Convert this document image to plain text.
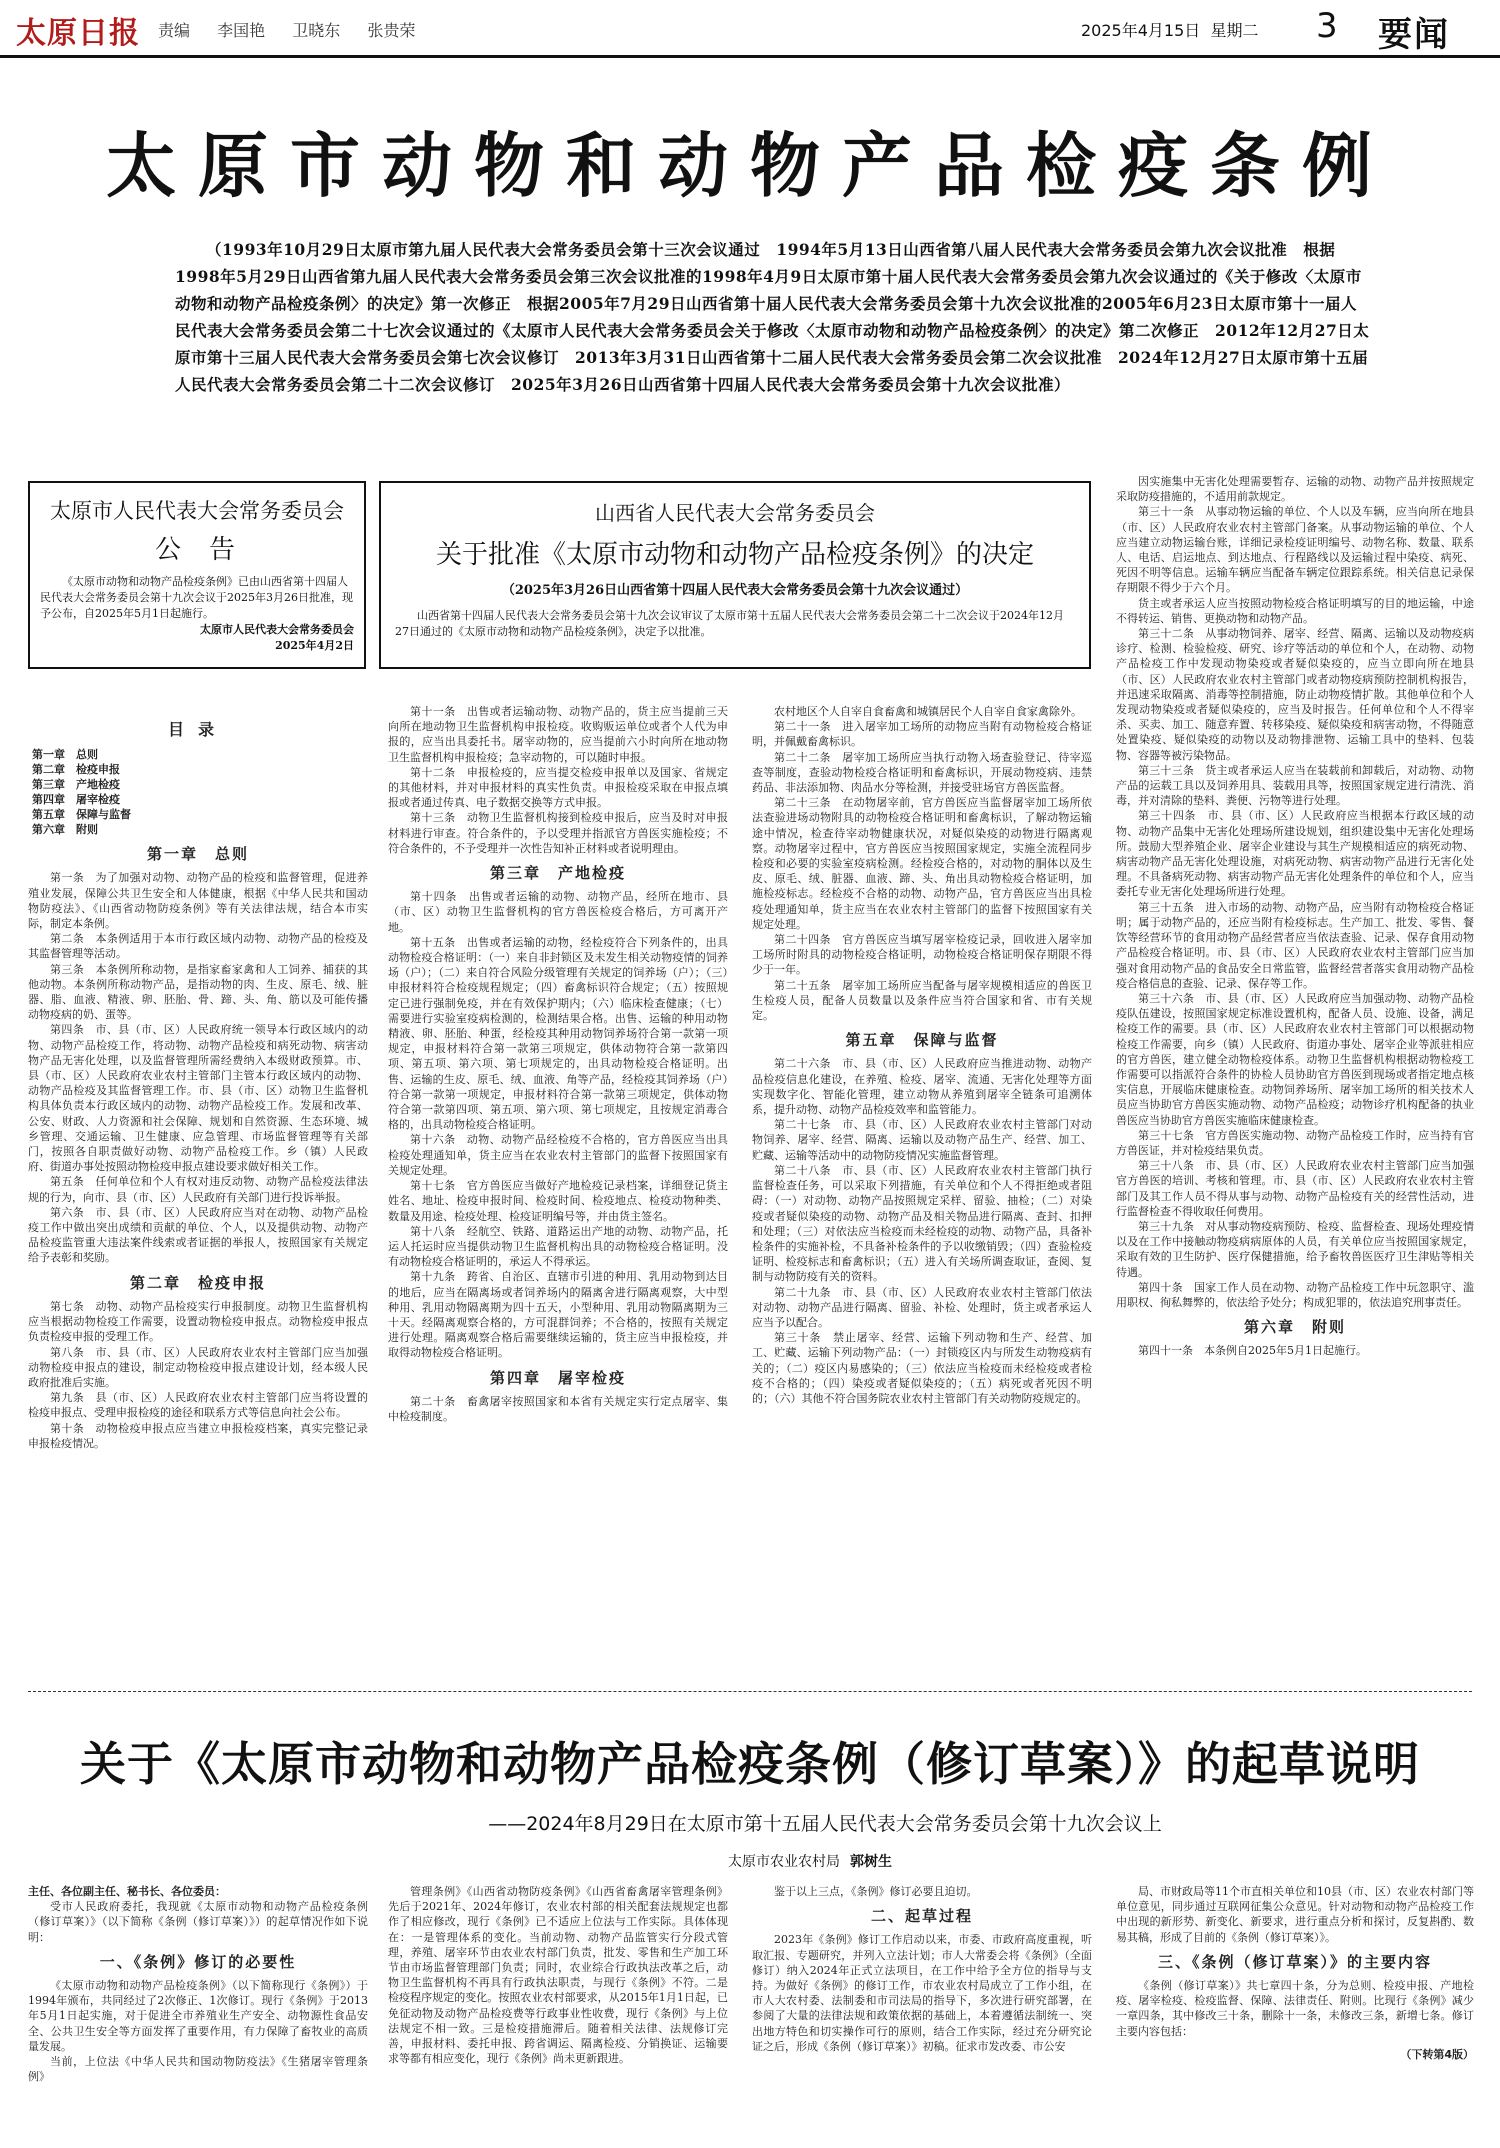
太原日报 责编 李国艳 卫晓东 张贵荣	2025年4月15日 星期二 3 要闻
太原市动物和动物产品检疫条例
（1993年10月29日太原市第九届人民代表大会常务委员会第十三次会议通过　1994年5月13日山西省第八届人民代表大会常务委员会第九次会议批准　根据1998年5月29日山西省第九届人民代表大会常务委员会第三次会议批准的1998年4月9日太原市第十届人民代表大会常务委员会第九次会议通过的《关于修改〈太原市动物和动物产品检疫条例〉的决定》第一次修正　根据2005年7月29日山西省第十届人民代表大会常务委员会第十九次会议批准的2005年6月23日太原市第十一届人民代表大会常务委员会第二十七次会议通过的《太原市人民代表大会常务委员会关于修改〈太原市动物和动物产品检疫条例〉的决定》第二次修正　2012年12月27日太原市第十三届人民代表大会常务委员会第七次会议修订　2013年3月31日山西省第十二届人民代表大会常务委员会第二次会议批准　2024年12月27日太原市第十五届人民代表大会常务委员会第二十二次会议修订　2025年3月26日山西省第十四届人民代表大会常务委员会第十九次会议批准）
太原市人民代表大会常务委员会
公告
《太原市动物和动物产品检疫条例》已由山西省第十四届人民代表大会常务委员会第十九次会议于2025年3月26日批准，现予公布，自2025年5月1日起施行。
太原市人民代表大会常务委员会
2025年4月2日
山西省人民代表大会常务委员会
关于批准《太原市动物和动物产品检疫条例》的决定
（2025年3月26日山西省第十四届人民代表大会常务委员会第十九次会议通过）
山西省第十四届人民代表大会常务委员会第十九次会议审议了太原市第十五届人民代表大会常务委员会第二十二次会议于2024年12月27日通过的《太原市动物和动物产品检疫条例》，决定予以批准。
目录
第一章　总则
第二章　检疫申报
第三章　产地检疫
第四章　屠宰检疫
第五章　保障与监督
第六章　附则
第一章　总则

第一条　为了加强对动物、动物产品的检疫和监督管理，促进养殖业发展，保障公共卫生安全和人体健康，根据《中华人民共和国动物防疫法》、《山西省动物防疫条例》等有关法律法规，结合本市实际，制定本条例。

第二条　本条例适用于本市行政区域内动物、动物产品的检疫及其监督管理等活动。

第三条　本条例所称动物，是指家畜家禽和人工饲养、捕获的其他动物。本条例所称动物产品，是指动物的肉、生皮、原毛、绒、脏器、脂、血液、精液、卵、胚胎、骨、蹄、头、角、筋以及可能传播动物疫病的奶、蛋等。

第四条　市、县（市、区）人民政府统一领导本行政区域内的动物、动物产品检疫工作，将动物、动物产品检疫和病死动物、病害动物产品无害化处理，以及监督管理所需经费纳入本级财政预算。市、县（市、区）人民政府农业农村主管部门主管本行政区域内的动物、动物产品检疫及其监督管理工作。市、县（市、区）动物卫生监督机构具体负责本行政区域内的动物、动物产品检疫工作。发展和改革、公安、财政、人力资源和社会保障、规划和自然资源、生态环境、城乡管理、交通运输、卫生健康、应急管理、市场监督管理等有关部门，按照各自职责做好动物、动物产品检疫工作。乡（镇）人民政府、街道办事处按照动物检疫申报点建设要求做好相关工作。

第五条　任何单位和个人有权对违反动物、动物产品检疫法律法规的行为，向市、县（市、区）人民政府有关部门进行投诉举报。

第六条　市、县（市、区）人民政府应当对在动物、动物产品检疫工作中做出突出成绩和贡献的单位、个人，以及提供动物、动物产品检疫监管重大违法案件线索或者证据的举报人，按照国家有关规定给予表彰和奖励。

第二章　检疫申报

第七条　动物、动物产品检疫实行申报制度。动物卫生监督机构应当根据动物检疫工作需要，设置动物检疫申报点。动物检疫申报点负责检疫申报的受理工作。

第八条　市、县（市、区）人民政府农业农村主管部门应当加强动物检疫申报点的建设，制定动物检疫申报点建设计划，经本级人民政府批准后实施。

第九条　县（市、区）人民政府农业农村主管部门应当将设置的检疫申报点、受理申报检疫的途径和联系方式等信息向社会公布。

第十条　动物检疫申报点应当建立申报检疫档案，真实完整记录申报检疫情况。

第十一条　出售或者运输动物、动物产品的，货主应当提前三天向所在地动物卫生监督机构申报检疫。收购贩运单位或者个人代为申报的，应当出具委托书。屠宰动物的，应当提前六小时向所在地动物卫生监督机构申报检疫；急宰动物的，可以随时申报。

第十二条　申报检疫的，应当提交检疫申报单以及国家、省规定的其他材料，并对申报材料的真实性负责。申报检疫采取在申报点填报或者通过传真、电子数据交换等方式申报。

第十三条　动物卫生监督机构接到检疫申报后，应当及时对申报材料进行审查。符合条件的，予以受理并指派官方兽医实施检疫；不符合条件的，不予受理并一次性告知补正材料或者说明理由。

第三章　产地检疫

第十四条　出售或者运输的动物、动物产品，经所在地市、县（市、区）动物卫生监督机构的官方兽医检疫合格后，方可离开产地。

第十五条　出售或者运输的动物，经检疫符合下列条件的，出具动物检疫合格证明：（一）来自非封锁区及未发生相关动物疫情的饲养场（户）；（二）来自符合风险分级管理有关规定的饲养场（户）；（三）申报材料符合检疫规程规定；（四）畜禽标识符合规定；（五）按照规定已进行强制免疫，并在有效保护期内；（六）临床检查健康；（七）需要进行实验室疫病检测的，检测结果合格。出售、运输的种用动物精液、卵、胚胎、种蛋，经检疫其种用动物饲养场符合第一款第一项规定，申报材料符合第一款第三项规定，供体动物符合第一款第四项、第五项、第六项、第七项规定的，出具动物检疫合格证明。出售、运输的生皮、原毛、绒、血液、角等产品，经检疫其饲养场（户）符合第一款第一项规定，申报材料符合第一款第三项规定，供体动物符合第一款第四项、第五项、第六项、第七项规定，且按规定消毒合格的，出具动物检疫合格证明。

第十六条　动物、动物产品经检疫不合格的，官方兽医应当出具检疫处理通知单，货主应当在农业农村主管部门的监督下按照国家有关规定处理。

第十七条　官方兽医应当做好产地检疫记录档案，详细登记货主姓名、地址、检疫申报时间、检疫时间、检疫地点、检疫动物种类、数量及用途、检疫处理、检疫证明编号等，并由货主签名。

第十八条　经航空、铁路、道路运出产地的动物、动物产品，托运人托运时应当提供动物卫生监督机构出具的动物检疫合格证明。没有动物检疫合格证明的，承运人不得承运。

第十九条　跨省、自治区、直辖市引进的种用、乳用动物到达目的地后，应当在隔离场或者饲养场内的隔离舍进行隔离观察，大中型种用、乳用动物隔离期为四十五天，小型种用、乳用动物隔离期为三十天。经隔离观察合格的，方可混群饲养；不合格的，按照有关规定进行处理。隔离观察合格后需要继续运输的，货主应当申报检疫，并取得动物检疫合格证明。

第四章　屠宰检疫

第二十条　畜禽屠宰按照国家和本省有关规定实行定点屠宰、集中检疫制度。

农村地区个人自宰自食畜禽和城镇居民个人自宰自食家禽除外。

第二十一条　进入屠宰加工场所的动物应当附有动物检疫合格证明，并佩戴畜禽标识。

第二十二条　屠宰加工场所应当执行动物入场查验登记、待宰巡查等制度，查验动物检疫合格证明和畜禽标识，开展动物疫病、违禁药品、非法添加物、肉品水分等检测，并接受驻场官方兽医监督。

第二十三条　在动物屠宰前，官方兽医应当监督屠宰加工场所依法查验进场动物附具的动物检疫合格证明和畜禽标识，了解动物运输途中情况，检查待宰动物健康状况，对疑似染疫的动物进行隔离观察。动物屠宰过程中，官方兽医应当按照国家规定，实施全流程同步检疫和必要的实验室疫病检测。经检疫合格的，对动物的胴体以及生皮、原毛、绒、脏器、血液、蹄、头、角出具动物检疫合格证明，加施检疫标志。经检疫不合格的动物、动物产品，官方兽医应当出具检疫处理通知单，货主应当在农业农村主管部门的监督下按照国家有关规定处理。

第二十四条　官方兽医应当填写屠宰检疫记录，回收进入屠宰加工场所时附具的动物检疫合格证明，动物检疫合格证明保存期限不得少于一年。

第二十五条　屠宰加工场所应当配备与屠宰规模相适应的兽医卫生检疫人员，配备人员数量以及条件应当符合国家和省、市有关规定。

第五章　保障与监督

第二十六条　市、县（市、区）人民政府应当推进动物、动物产品检疫信息化建设，在养殖、检疫、屠宰、流通、无害化处理等方面实现数字化、智能化管理，建立动物从养殖到屠宰全链条可追溯体系，提升动物、动物产品检疫效率和监管能力。

第二十七条　市、县（市、区）人民政府农业农村主管部门对动物饲养、屠宰、经营、隔离、运输以及动物产品生产、经营、加工、贮藏、运输等活动中的动物防疫情况实施监督管理。

第二十八条　市、县（市、区）人民政府农业农村主管部门执行监督检查任务，可以采取下列措施，有关单位和个人不得拒绝或者阻碍：（一）对动物、动物产品按照规定采样、留验、抽检；（二）对染疫或者疑似染疫的动物、动物产品及相关物品进行隔离、查封、扣押和处理；（三）对依法应当检疫而未经检疫的动物、动物产品，具备补检条件的实施补检，不具备补检条件的予以收缴销毁；（四）查验检疫证明、检疫标志和畜禽标识；（五）进入有关场所调查取证，查阅、复制与动物防疫有关的资料。

第二十九条　市、县（市、区）人民政府农业农村主管部门依法对动物、动物产品进行隔离、留验、补检、处理时，货主或者承运人应当予以配合。

第三十条　禁止屠宰、经营、运输下列动物和生产、经营、加工、贮藏、运输下列动物产品：（一）封锁疫区内与所发生动物疫病有关的；（二）疫区内易感染的；（三）依法应当检疫而未经检疫或者检疫不合格的；（四）染疫或者疑似染疫的；（五）病死或者死因不明的；（六）其他不符合国务院农业农村主管部门有关动物防疫规定的。

因实施集中无害化处理需要暂存、运输的动物、动物产品并按照规定采取防疫措施的，不适用前款规定。

第三十一条　从事动物运输的单位、个人以及车辆，应当向所在地县（市、区）人民政府农业农村主管部门备案。从事动物运输的单位、个人应当建立动物运输台账，详细记录检疫证明编号、动物名称、数量、联系人、电话、启运地点、到达地点、行程路线以及运输过程中染疫、病死、死因不明等信息。运输车辆应当配备车辆定位跟踪系统。相关信息记录保存期限不得少于六个月。

货主或者承运人应当按照动物检疫合格证明填写的目的地运输，中途不得转运、销售、更换动物和动物产品。

第三十二条　从事动物饲养、屠宰、经营、隔离、运输以及动物疫病诊疗、检测、检验检疫、研究、诊疗等活动的单位和个人，在动物、动物产品检疫工作中发现动物染疫或者疑似染疫的，应当立即向所在地县（市、区）人民政府农业农村主管部门或者动物疫病预防控制机构报告，并迅速采取隔离、消毒等控制措施，防止动物疫情扩散。其他单位和个人发现动物染疫或者疑似染疫的，应当及时报告。任何单位和个人不得宰杀、买卖、加工、随意弃置、转移染疫、疑似染疫和病害动物，不得随意处置染疫、疑似染疫的动物以及动物排泄物、运输工具中的垫料、包装物、容器等被污染物品。

第三十三条　货主或者承运人应当在装载前和卸载后，对动物、动物产品的运载工具以及饲养用具、装载用具等，按照国家规定进行清洗、消毒，并对清除的垫料、粪便、污物等进行处理。

第三十四条　市、县（市、区）人民政府应当根据本行政区域的动物、动物产品集中无害化处理场所建设规划，组织建设集中无害化处理场所。鼓励大型养殖企业、屠宰企业建设与其生产规模相适应的病死动物、病害动物产品无害化处理设施，对病死动物、病害动物产品进行无害化处理。不具备病死动物、病害动物产品无害化处理条件的单位和个人，应当委托专业无害化处理场所进行处理。

第三十五条　进入市场的动物、动物产品，应当附有动物检疫合格证明；属于动物产品的，还应当附有检疫标志。生产加工、批发、零售、餐饮等经营环节的食用动物产品经营者应当依法查验、记录、保存食用动物产品检疫合格证明。市、县（市、区）人民政府农业农村主管部门应当加强对食用动物产品的食品安全日常监管，监督经营者落实食用动物产品检疫合格信息的查验、记录、保存等工作。

第三十六条　市、县（市、区）人民政府应当加强动物、动物产品检疫队伍建设，按照国家规定标准设置机构，配备人员、设施、设备，满足检疫工作的需要。县（市、区）人民政府农业农村主管部门可以根据动物检疫工作需要，向乡（镇）人民政府、街道办事处、屠宰企业等派驻相应的官方兽医，建立健全动物检疫体系。动物卫生监督机构根据动物检疫工作需要可以指派符合条件的协检人员协助官方兽医到现场或者指定地点核实信息，开展临床健康检查。动物饲养场所、屠宰加工场所的相关技术人员应当协助官方兽医实施动物、动物产品检疫；动物诊疗机构配备的执业兽医应当协助官方兽医实施临床健康检查。

第三十七条　官方兽医实施动物、动物产品检疫工作时，应当持有官方兽医证，并对检疫结果负责。

第三十八条　市、县（市、区）人民政府农业农村主管部门应当加强官方兽医的培训、考核和管理。市、县（市、区）人民政府农业农村主管部门及其工作人员不得从事与动物、动物产品检疫有关的经营性活动，进行监督检查不得收取任何费用。

第三十九条　对从事动物疫病预防、检疫、监督检查、现场处理疫情以及在工作中接触动物疫病病原体的人员，有关单位应当按照国家规定，采取有效的卫生防护、医疗保健措施，给予畜牧兽医医疗卫生津贴等相关待遇。

第四十条　国家工作人员在动物、动物产品检疫工作中玩忽职守、滥用职权、徇私舞弊的，依法给予处分；构成犯罪的，依法追究刑事责任。

第六章　附则

第四十一条　本条例自2025年5月1日起施行。

关于《太原市动物和动物产品检疫条例（修订草案）》的起草说明
——2024年8月29日在太原市第十五届人民代表大会常务委员会第十九次会议上
太原市农业农村局 郭树生

主任、各位副主任、秘书长、各位委员：

受市人民政府委托，我现就《太原市动物和动物产品检疫条例（修订草案）》（以下简称《条例（修订草案）》）的起草情况作如下说明：

一、《条例》修订的必要性

《太原市动物和动物产品检疫条例》（以下简称现行《条例》）于1994年颁布，共同经过了2次修正、1次修订。现行《条例》于2013年5月1日起实施，对于促进全市养殖业生产安全、动物源性食品安全、公共卫生安全等方面发挥了重要作用，有力保障了畜牧业的高质量发展。

当前，上位法《中华人民共和国动物防疫法》《生猪屠宰管理条例》

管理条例》《山西省动物防疫条例》《山西省畜禽屠宰管理条例》先后于2021年、2024年修订，农业农村部的相关配套法规规定也都作了相应修改，现行《条例》已不适应上位法与工作实际。具体体现在：一是管理体系的变化。当前动物、动物产品监管实行分段式管理，养殖、屠宰环节由农业农村部门负责，批发、零售和生产加工环节由市场监督管理部门负责；同时，农业综合行政执法改革之后，动物卫生监督机构不再具有行政执法职责，与现行《条例》不符。二是检疫程序规定的变化。按照农业农村部要求，从2015年1月1日起，已免征动物及动物产品检疫费等行政事业性收费，现行《条例》与上位法规定不相一致。三是检疫措施滞后。随着相关法律、法规修订完善，申报材料、委托申报、跨省调运、隔离检疫、分销换证、运输要求等都有相应变化，现行《条例》尚未更新跟进。

鉴于以上三点，《条例》修订必要且迫切。

二、起草过程

2023年《条例》修订工作启动以来，市委、市政府高度重视，听取汇报、专题研究，并列入立法计划；市人大常委会将《条例》（全面修订）纳入2024年正式立法项目，在工作中给予全方位的指导与支持。为做好《条例》的修订工作，市农业农村局成立了工作小组，在市人大农村委、法制委和市司法局的指导下，多次进行研究部署，在参阅了大量的法律法规和政策依据的基础上，本着遵循法制统一、突出地方特色和切实操作可行的原则，结合工作实际，经过充分研究论证之后，形成《条例（修订草案）》初稿。征求市发改委、市公安

局、市财政局等11个市直相关单位和10县（市、区）农业农村部门等单位意见，同步通过互联网征集公众意见。针对动物和动物产品检疫工作中出现的新形势、新变化、新要求，进行重点分析和探讨，反复斟酌、数易其稿，形成了目前的《条例（修订草案）》。

三、《条例（修订草案）》的主要内容

《条例（修订草案）》共七章四十条，分为总则、检疫申报、产地检疫、屠宰检疫、检疫监督、保障、法律责任、附则。比现行《条例》减少一章四条，其中修改三十条，删除十一条，未修改三条，新增七条。修订主要内容包括：

（下转第4版）
